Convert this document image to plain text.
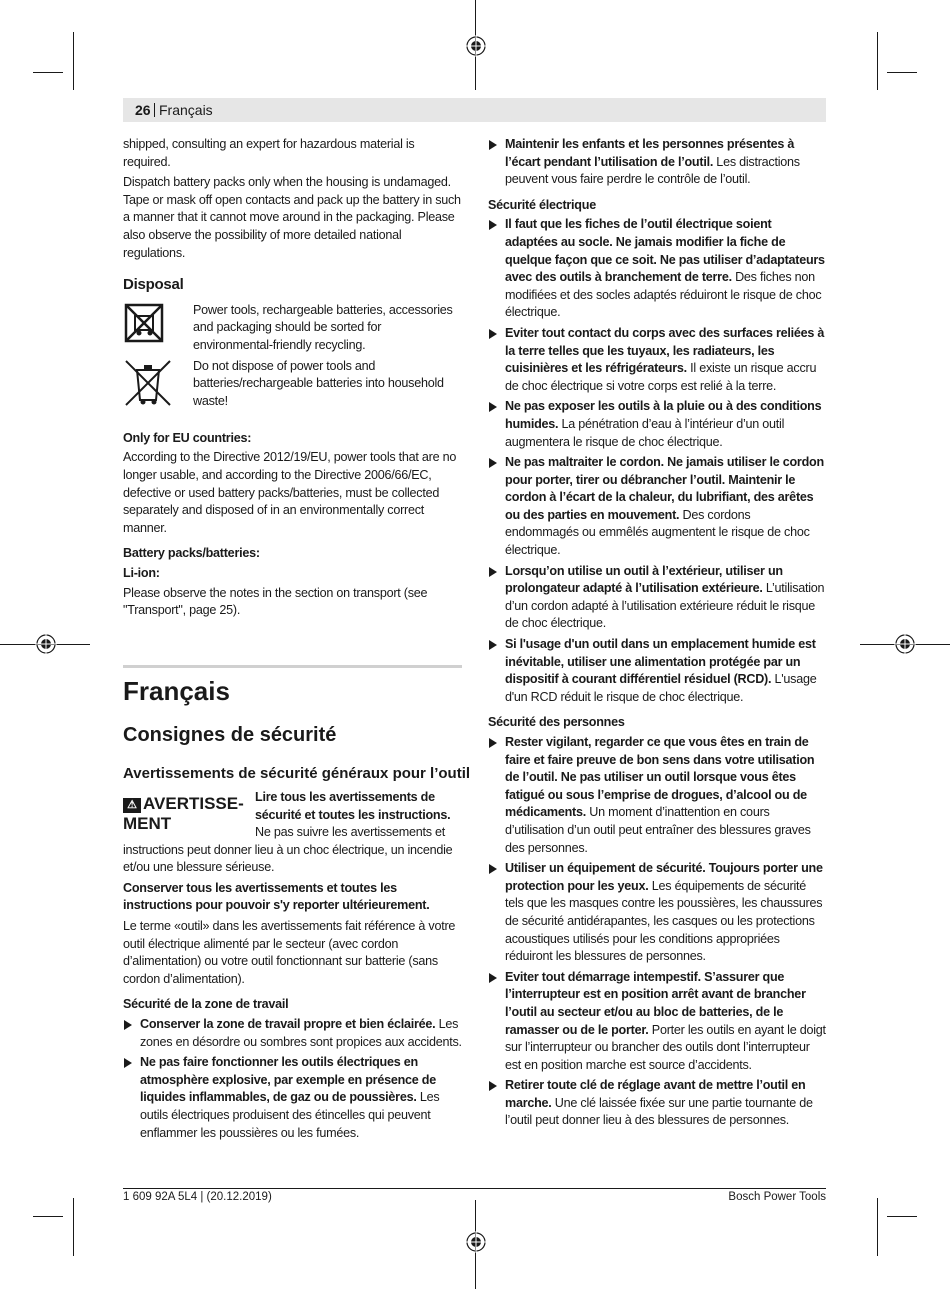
26 Français

shipped, consulting an expert for hazardous material is required.

Dispatch battery packs only when the housing is undamaged. Tape or mask off open contacts and pack up the battery in such a manner that it cannot move around in the packaging. Please also observe the possibility of more detailed national regulations.

Disposal
Power tools, rechargeable batteries, accessories and packaging should be sorted for environmental-friendly recycling.
Do not dispose of power tools and batteries/rechargeable batteries into household waste!
Only for EU countries:

According to the Directive 2012/19/EU, power tools that are no longer usable, and according to the Directive 2006/66/EC, defective or used battery packs/batteries, must be collected separately and disposed of in an environmentally correct manner.

Battery packs/batteries:
Li-ion:

Please observe the notes in the section on transport (see "Transport", page 25).

Français
Consignes de sécurité
Avertissements de sécurité généraux pour l’outil
⚠ AVERTISSE-
MENT
Lire tous les avertissements de sécurité et toutes les instructions.

Ne pas suivre les avertissements et instructions peut donner lieu à un choc électrique, un incendie et/ou une blessure sérieuse.

Conserver tous les avertissements et toutes les instructions pour pouvoir s'y reporter ultérieurement.

Le terme «outil» dans les avertissements fait référence à votre outil électrique alimenté par le secteur (avec cordon d’alimentation) ou votre outil fonctionnant sur batterie (sans cordon d’alimentation).

Sécurité de la zone de travail
Conserver la zone de travail propre et bien éclairée. Les zones en désordre ou sombres sont propices aux accidents.
Ne pas faire fonctionner les outils électriques en atmosphère explosive, par exemple en présence de liquides inflammables, de gaz ou de poussières. Les outils électriques produisent des étincelles qui peuvent enflammer les poussières ou les fumées.
Maintenir les enfants et les personnes présentes à l’écart pendant l’utilisation de l’outil. Les distractions peuvent vous faire perdre le contrôle de l’outil.
Sécurité électrique
Il faut que les fiches de l’outil électrique soient adaptées au socle. Ne jamais modifier la fiche de quelque façon que ce soit. Ne pas utiliser d’adaptateurs avec des outils à branchement de terre. Des fiches non modifiées et des socles adaptés réduiront le risque de choc électrique.
Eviter tout contact du corps avec des surfaces reliées à la terre telles que les tuyaux, les radiateurs, les cuisinières et les réfrigérateurs. Il existe un risque accru de choc électrique si votre corps est relié à la terre.
Ne pas exposer les outils à la pluie ou à des conditions humides. La pénétration d’eau à l’intérieur d’un outil augmentera le risque de choc électrique.
Ne pas maltraiter le cordon. Ne jamais utiliser le cordon pour porter, tirer ou débrancher l’outil. Maintenir le cordon à l’écart de la chaleur, du lubrifiant, des arêtes ou des parties en mouvement. Des cordons endommagés ou emmêlés augmentent le risque de choc électrique.
Lorsqu’on utilise un outil à l’extérieur, utiliser un prolongateur adapté à l’utilisation extérieure. L’utilisation d’un cordon adapté à l’utilisation extérieure réduit le risque de choc électrique.
Si l'usage d'un outil dans un emplacement humide est inévitable, utiliser une alimentation protégée par un dispositif à courant différentiel résiduel (RCD). L'usage d'un RCD réduit le risque de choc électrique.
Sécurité des personnes
Rester vigilant, regarder ce que vous êtes en train de faire et faire preuve de bon sens dans votre utilisation de l’outil. Ne pas utiliser un outil lorsque vous êtes fatigué ou sous l’emprise de drogues, d’alcool ou de médicaments. Un moment d’inattention en cours d’utilisation d’un outil peut entraîner des blessures graves des personnes.
Utiliser un équipement de sécurité. Toujours porter une protection pour les yeux. Les équipements de sécurité tels que les masques contre les poussières, les chaussures de sécurité antidérapantes, les casques ou les protections acoustiques utilisés pour les conditions appropriées réduiront les blessures de personnes.
Eviter tout démarrage intempestif. S’assurer que l’interrupteur est en position arrêt avant de brancher l’outil au secteur et/ou au bloc de batteries, de le ramasser ou de le porter. Porter les outils en ayant le doigt sur l’interrupteur ou brancher des outils dont l’interrupteur est en position marche est source d’accidents.
Retirer toute clé de réglage avant de mettre l’outil en marche. Une clé laissée fixée sur une partie tournante de l’outil peut donner lieu à des blessures de personnes.
1 609 92A 5L4 | (20.12.2019)	Bosch Power Tools
